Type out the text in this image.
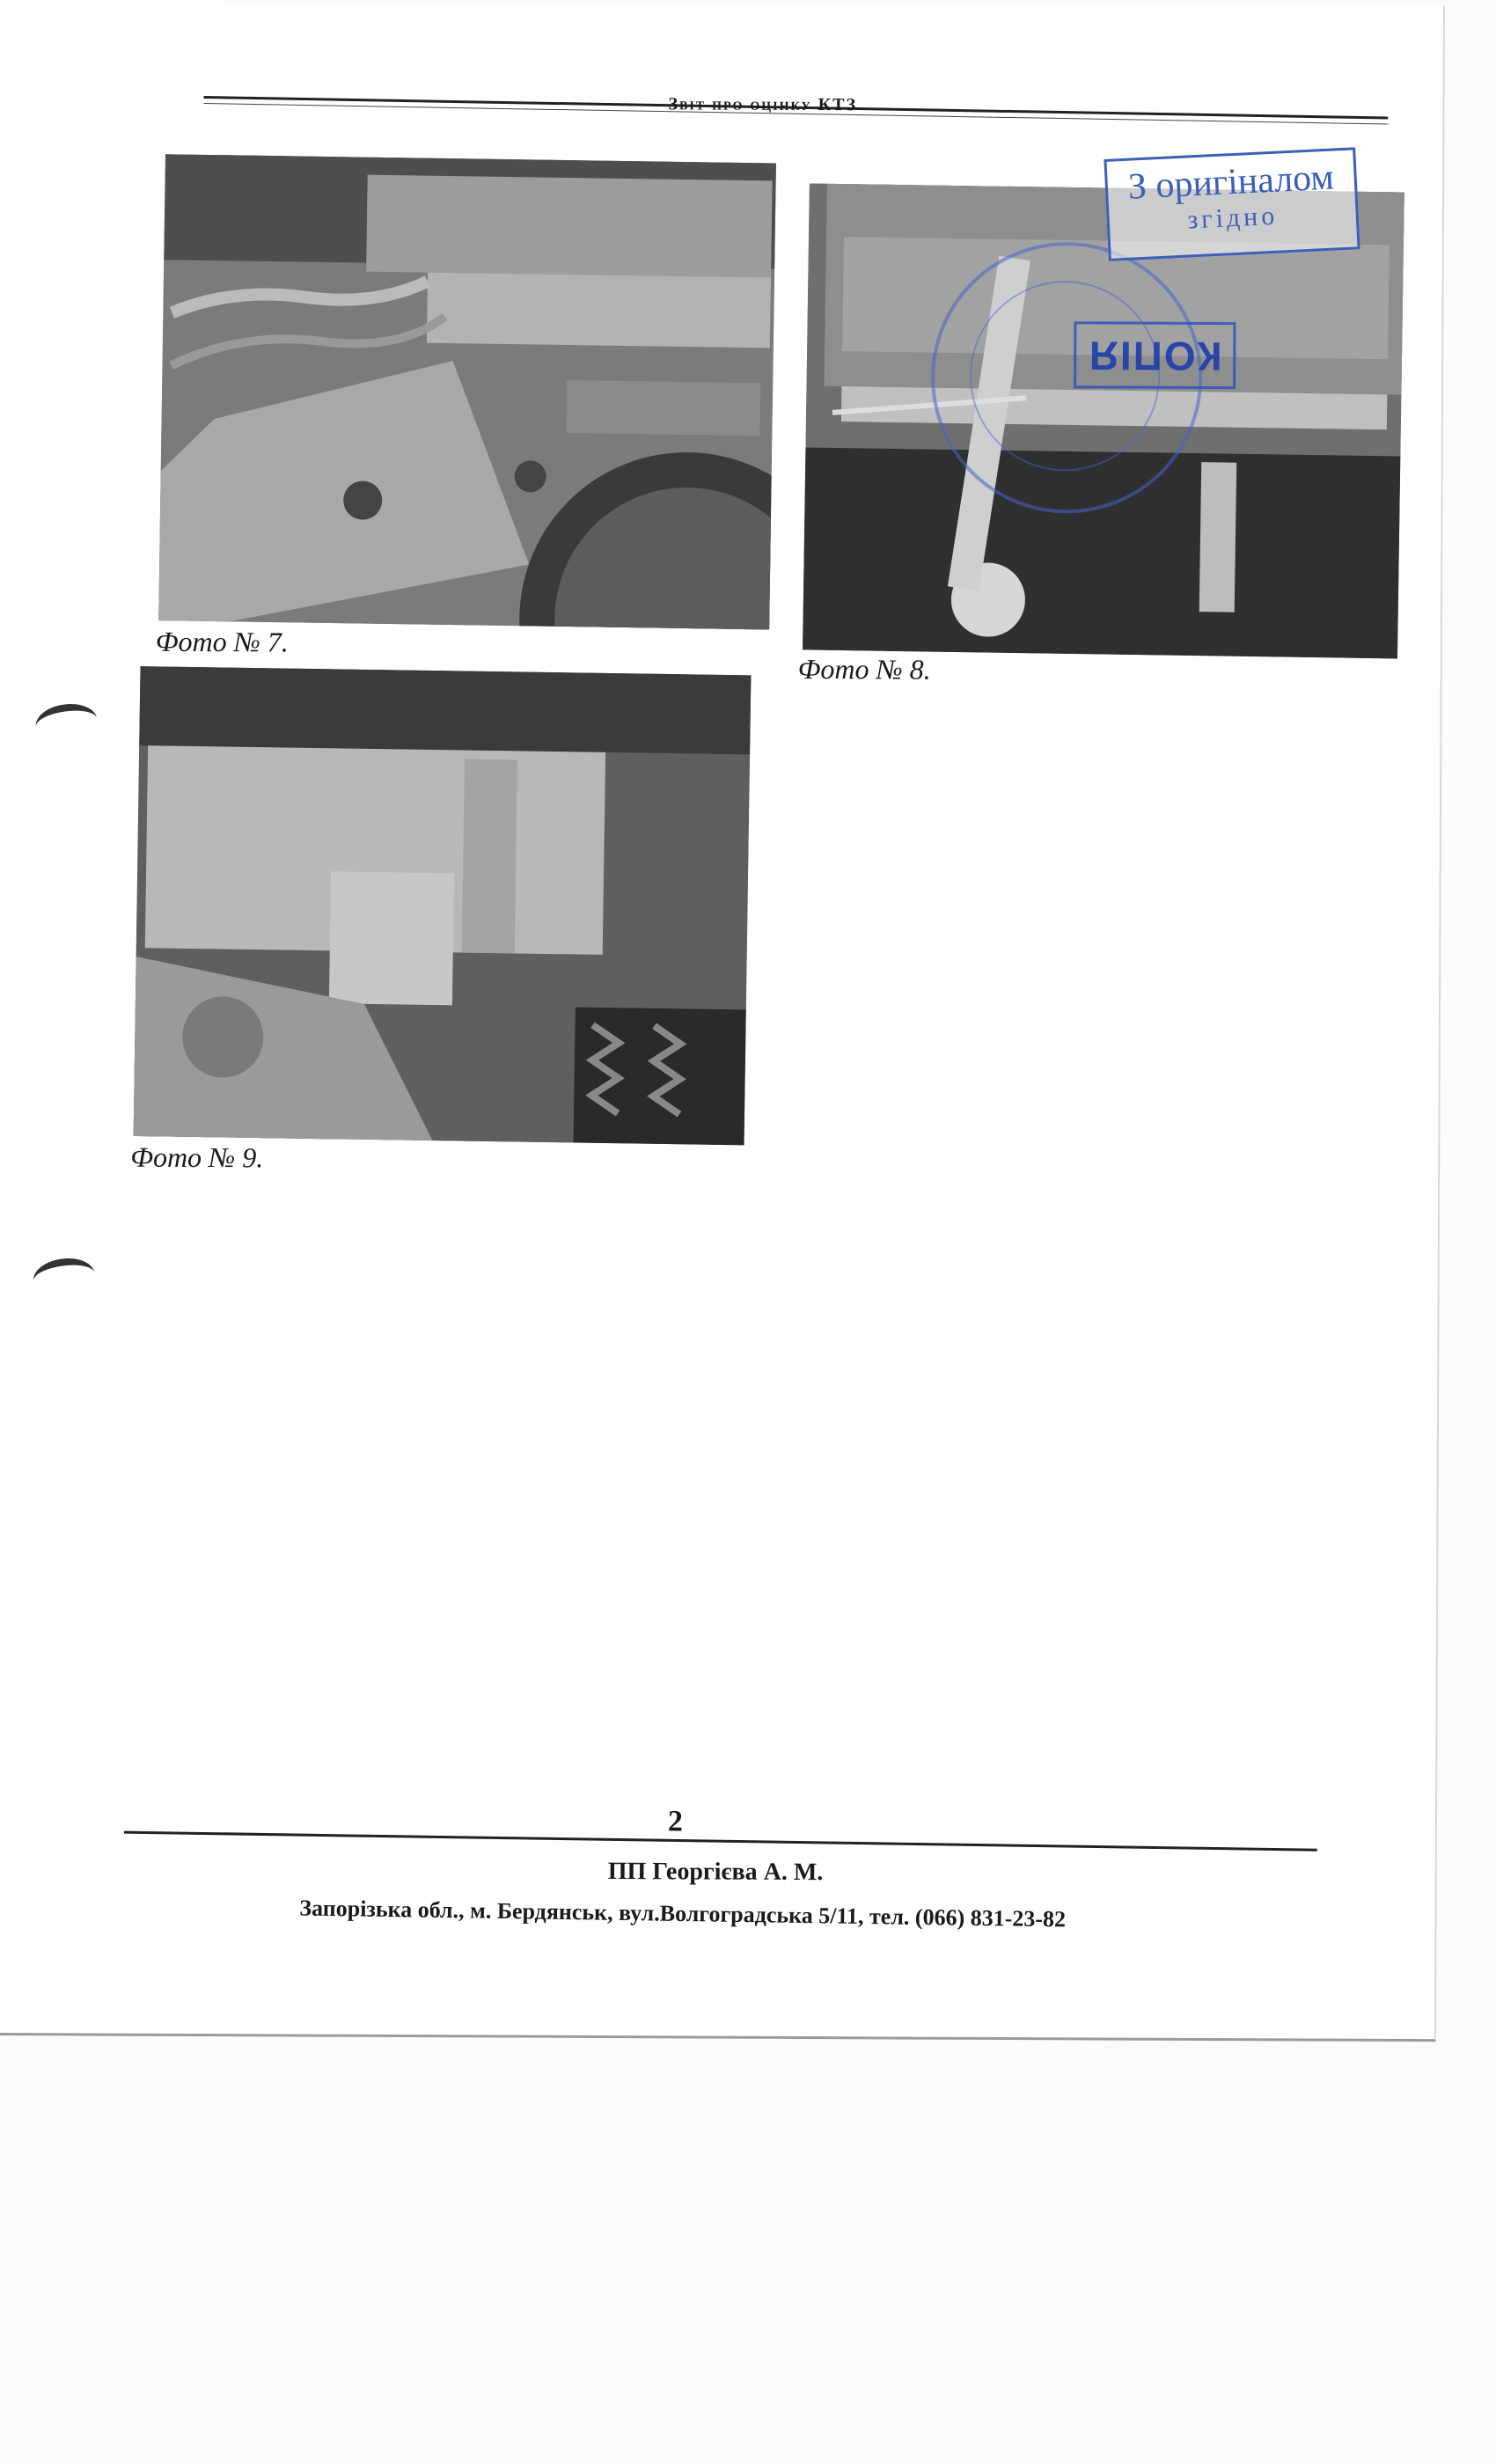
Звіт про оцінку КТЗ
Фото № 7.
Фото № 8.
Фото № 9.
КОПІЯ
З оригіналом
згідно
2
ПП Георгієва А. М.
Запорізька обл., м. Бердянськ, вул.Волгоградська 5/11, тел. (066) 831-23-82
